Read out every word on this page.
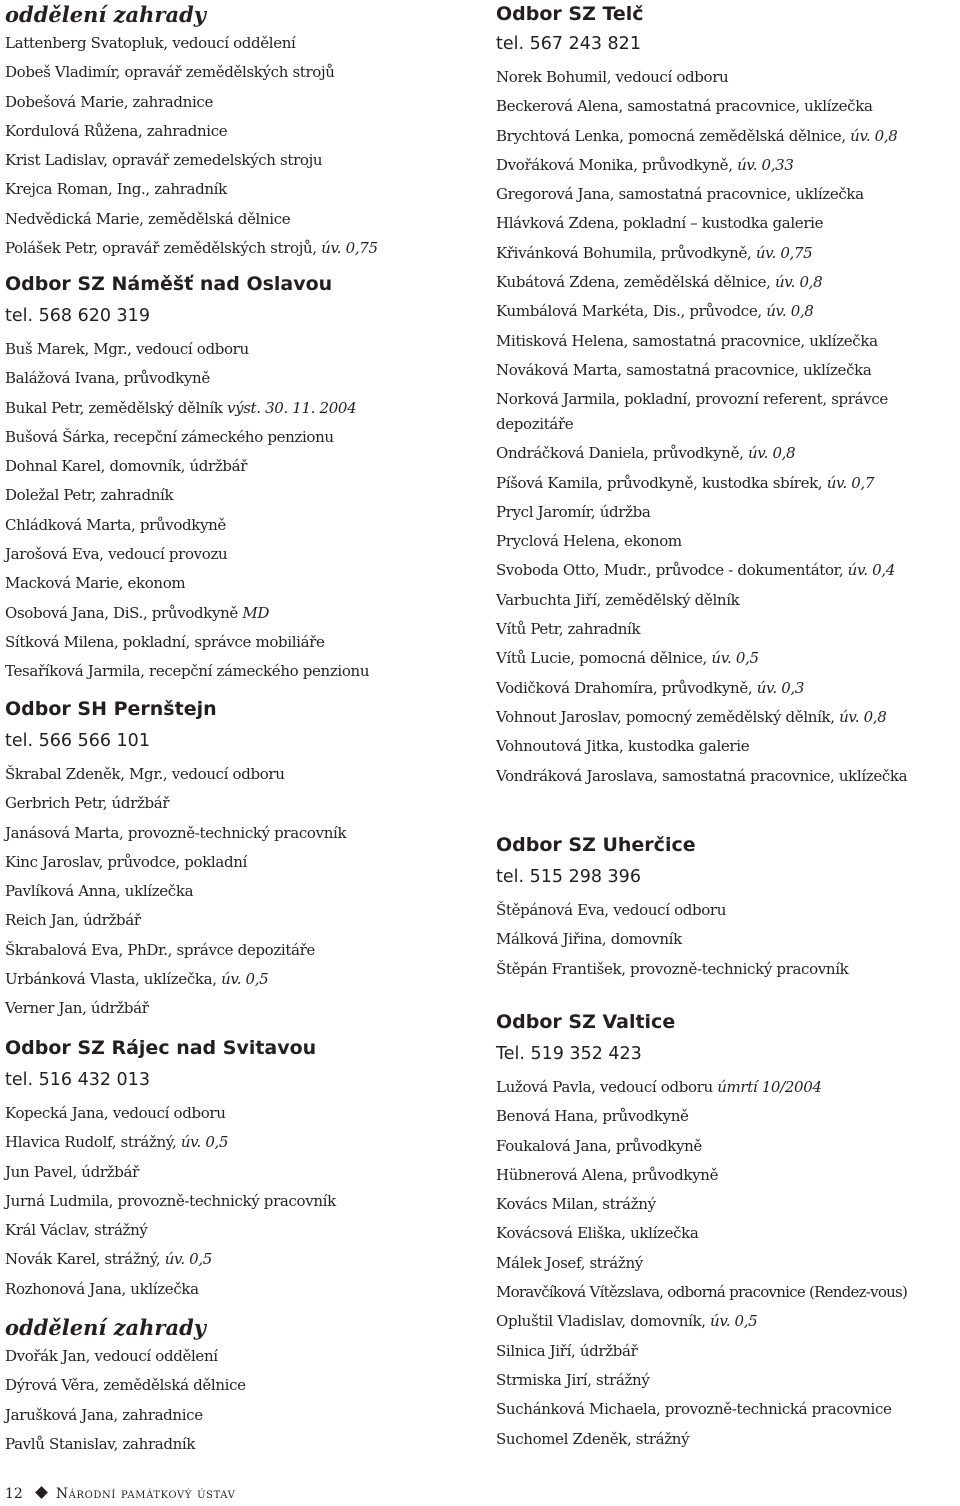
oddělení zahrady
Lattenberg Svatopluk, vedoucí oddělení
Dobeš Vladimír, opravář zemědělských strojů
Dobešová Marie, zahradnice
Kordulová Růžena, zahradnice
Krist Ladislav, opravář zemedelských stroju
Krejca Roman, Ing., zahradník
Nedvědická Marie, zemědělská dělnice
Polášek Petr, opravář zemědělských strojů, úv. 0,75
Odbor SZ Náměšť nad Oslavou
tel. 568 620 319
Buš Marek, Mgr., vedoucí odboru
Balážová Ivana, průvodkyně
Bukal Petr, zemědělský dělník výst. 30. 11. 2004
Bušová Šárka, recepční zámeckého penzionu
Dohnal Karel, domovník, údržbář
Doležal Petr, zahradník
Chládková Marta, průvodkyně
Jarošová Eva, vedoucí provozu
Macková Marie, ekonom
Osobová Jana, DiS., průvodkyně MD
Sítková Milena, pokladní, správce mobiliáře
Tesaříková Jarmila, recepční zámeckého penzionu
Odbor SH Pernštejn
tel. 566 566 101
Škrabal Zdeněk, Mgr., vedoucí odboru
Gerbrich Petr, údržbář
Janásová Marta, provozně-technický pracovník
Kinc Jaroslav, průvodce, pokladní
Pavlíková Anna, uklízečka
Reich Jan, údržbář
Škrabalová Eva, PhDr., správce depozitáře
Urbánková Vlasta, uklízečka, úv. 0,5
Verner Jan, údržbář
Odbor SZ Rájec nad Svitavou
tel. 516 432 013
Kopecká Jana, vedoucí odboru
Hlavica Rudolf, strážný, úv. 0,5
Jun Pavel, údržbář
Jurná Ludmila, provozně-technický pracovník
Král Václav, strážný
Novák Karel, strážný, úv. 0,5
Rozhonová Jana, uklízečka
oddělení zahrady
Dvořák Jan, vedoucí oddělení
Dýrová Věra, zemědělská dělnice
Jarušková Jana, zahradnice
Pavlů Stanislav, zahradník
Odbor SZ Telč
tel. 567 243 821
Norek Bohumil, vedoucí odboru
Beckerová Alena, samostatná pracovnice, uklízečka
Brychtová Lenka, pomocná zemědělská dělnice, úv. 0,8
Dvořáková Monika, průvodkyně, úv. 0,33
Gregorová Jana, samostatná pracovnice, uklízečka
Hlávková Zdena, pokladní – kustodka galerie
Křivánková Bohumila, průvodkyně, úv. 0,75
Kubátová Zdena, zemědělská dělnice, úv. 0,8
Kumbálová Markéta, Dis., průvodce, úv. 0,8
Mitisková Helena, samostatná pracovnice, uklízečka
Nováková Marta, samostatná pracovnice, uklízečka
Norková Jarmila, pokladní, provozní referent, správce depozitáře
Ondráčková Daniela, průvodkyně, úv. 0,8
Píšová Kamila, průvodkyně, kustodka sbírek, úv. 0,7
Prycl Jaromír, údržba
Pryclová Helena, ekonom
Svoboda Otto, Mudr., průvodce - dokumentátor, úv. 0,4
Varbuchta Jiří, zemědělský dělník
Vítů Petr, zahradník
Vítů Lucie, pomocná dělnice, úv. 0,5
Vodičková Drahomíra, průvodkyně, úv. 0,3
Vohnout Jaroslav, pomocný zemědělský dělník, úv. 0,8
Vohnoutová Jitka, kustodka galerie
Vondráková Jaroslava, samostatná pracovnice, uklízečka
Odbor SZ Uherčice
tel. 515 298 396
Štěpánová Eva, vedoucí odboru
Málková Jiřina, domovník
Štěpán František, provozně-technický pracovník
Odbor SZ Valtice
Tel. 519 352 423
Lužová Pavla, vedoucí odboru úmrtí 10/2004
Benová Hana, průvodkyně
Foukalová Jana, průvodkyně
Hübnerová Alena, průvodkyně
Kovács Milan, strážný
Kovácsová Eliška, uklízečka
Málek Josef, strážný
Moravčíková Vítězslava, odborná pracovnice (Rendez-vous)
Opluštil Vladislav, domovník, úv. 0,5
Silnica Jiří, údržbář
Strmiska Jirí, strážný
Suchánková Michaela, provozně-technická pracovnice
Suchomel Zdeněk, strážný
12 Národní památkový ústav
